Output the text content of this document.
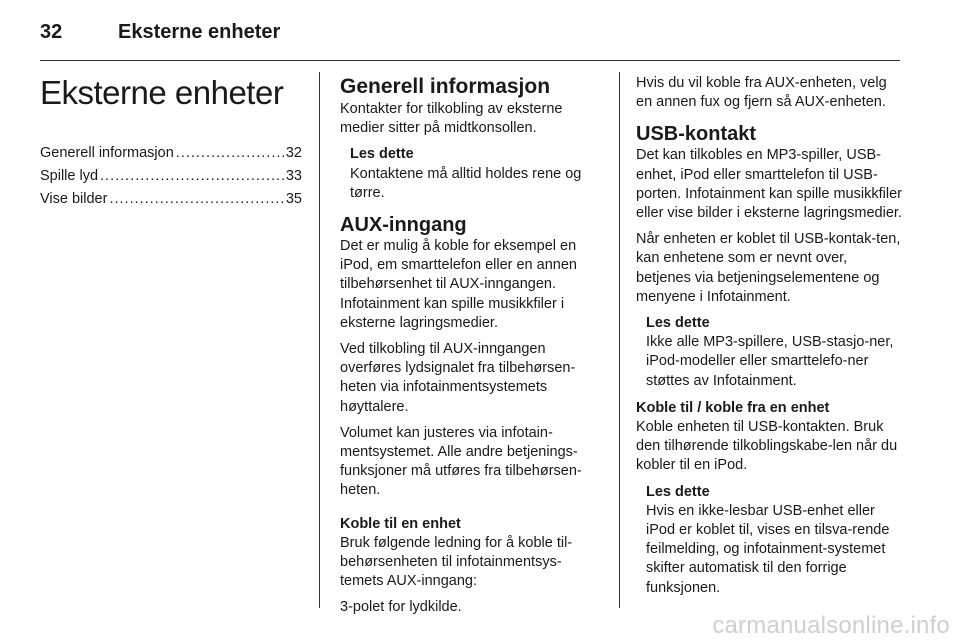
32	Eksterne enheter
Eksterne enheter
Generell informasjon .....	32
Spille lyd .....	33
Vise bilder .....	35
Generell informasjon

Kontakter for tilkobling av eksterne medier sitter på midtkonsollen.

Les dette
Kontaktene må alltid holdes rene og tørre.
AUX-inngang

Det er mulig å koble for eksempel en iPod, em smarttelefon eller en annen tilbehørsenhet til AUX-inngangen. Infotainment kan spille musikkfiler i eksterne lagringsmedier.

Ved tilkobling til AUX-inngangen overføres lydsignalet fra tilbehørsen-heten via infotainmentsystemets høyttalere.

Volumet kan justeres via infotain-mentsystemet. Alle andre betjenings-funksjoner må utføres fra tilbehørsen-heten.

Koble til en enhet

Bruk følgende ledning for å koble til-behørsenheten til infotainmentsys-temets AUX-inngang:

3-polet for lydkilde.

Hvis du vil koble fra AUX-enheten, velg en annen fux og fjern så AUX-enheten.

USB-kontakt

Det kan tilkobles en MP3-spiller, USB-enhet, iPod eller smarttelefon til USB-porten. Infotainment kan spille musikkfiler eller vise bilder i eksterne lagringsmedier.

Når enheten er koblet til USB-kontak-ten, kan enhetene som er nevnt over, betjenes via betjeningselementene og menyene i Infotainment.

Les dette
Ikke alle MP3-spillere, USB-stasjo-ner, iPod-modeller eller smarttelefo-ner støttes av Infotainment.
Koble til / koble fra en enhet

Koble enheten til USB-kontakten. Bruk den tilhørende tilkoblingskabe-len når du kobler til en iPod.

Les dette
Hvis en ikke-lesbar USB-enhet eller iPod er koblet til, vises en tilsva-rende feilmelding, og infotainment-systemet skifter automatisk til den forrige funksjonen.
carmanualsonline.info
